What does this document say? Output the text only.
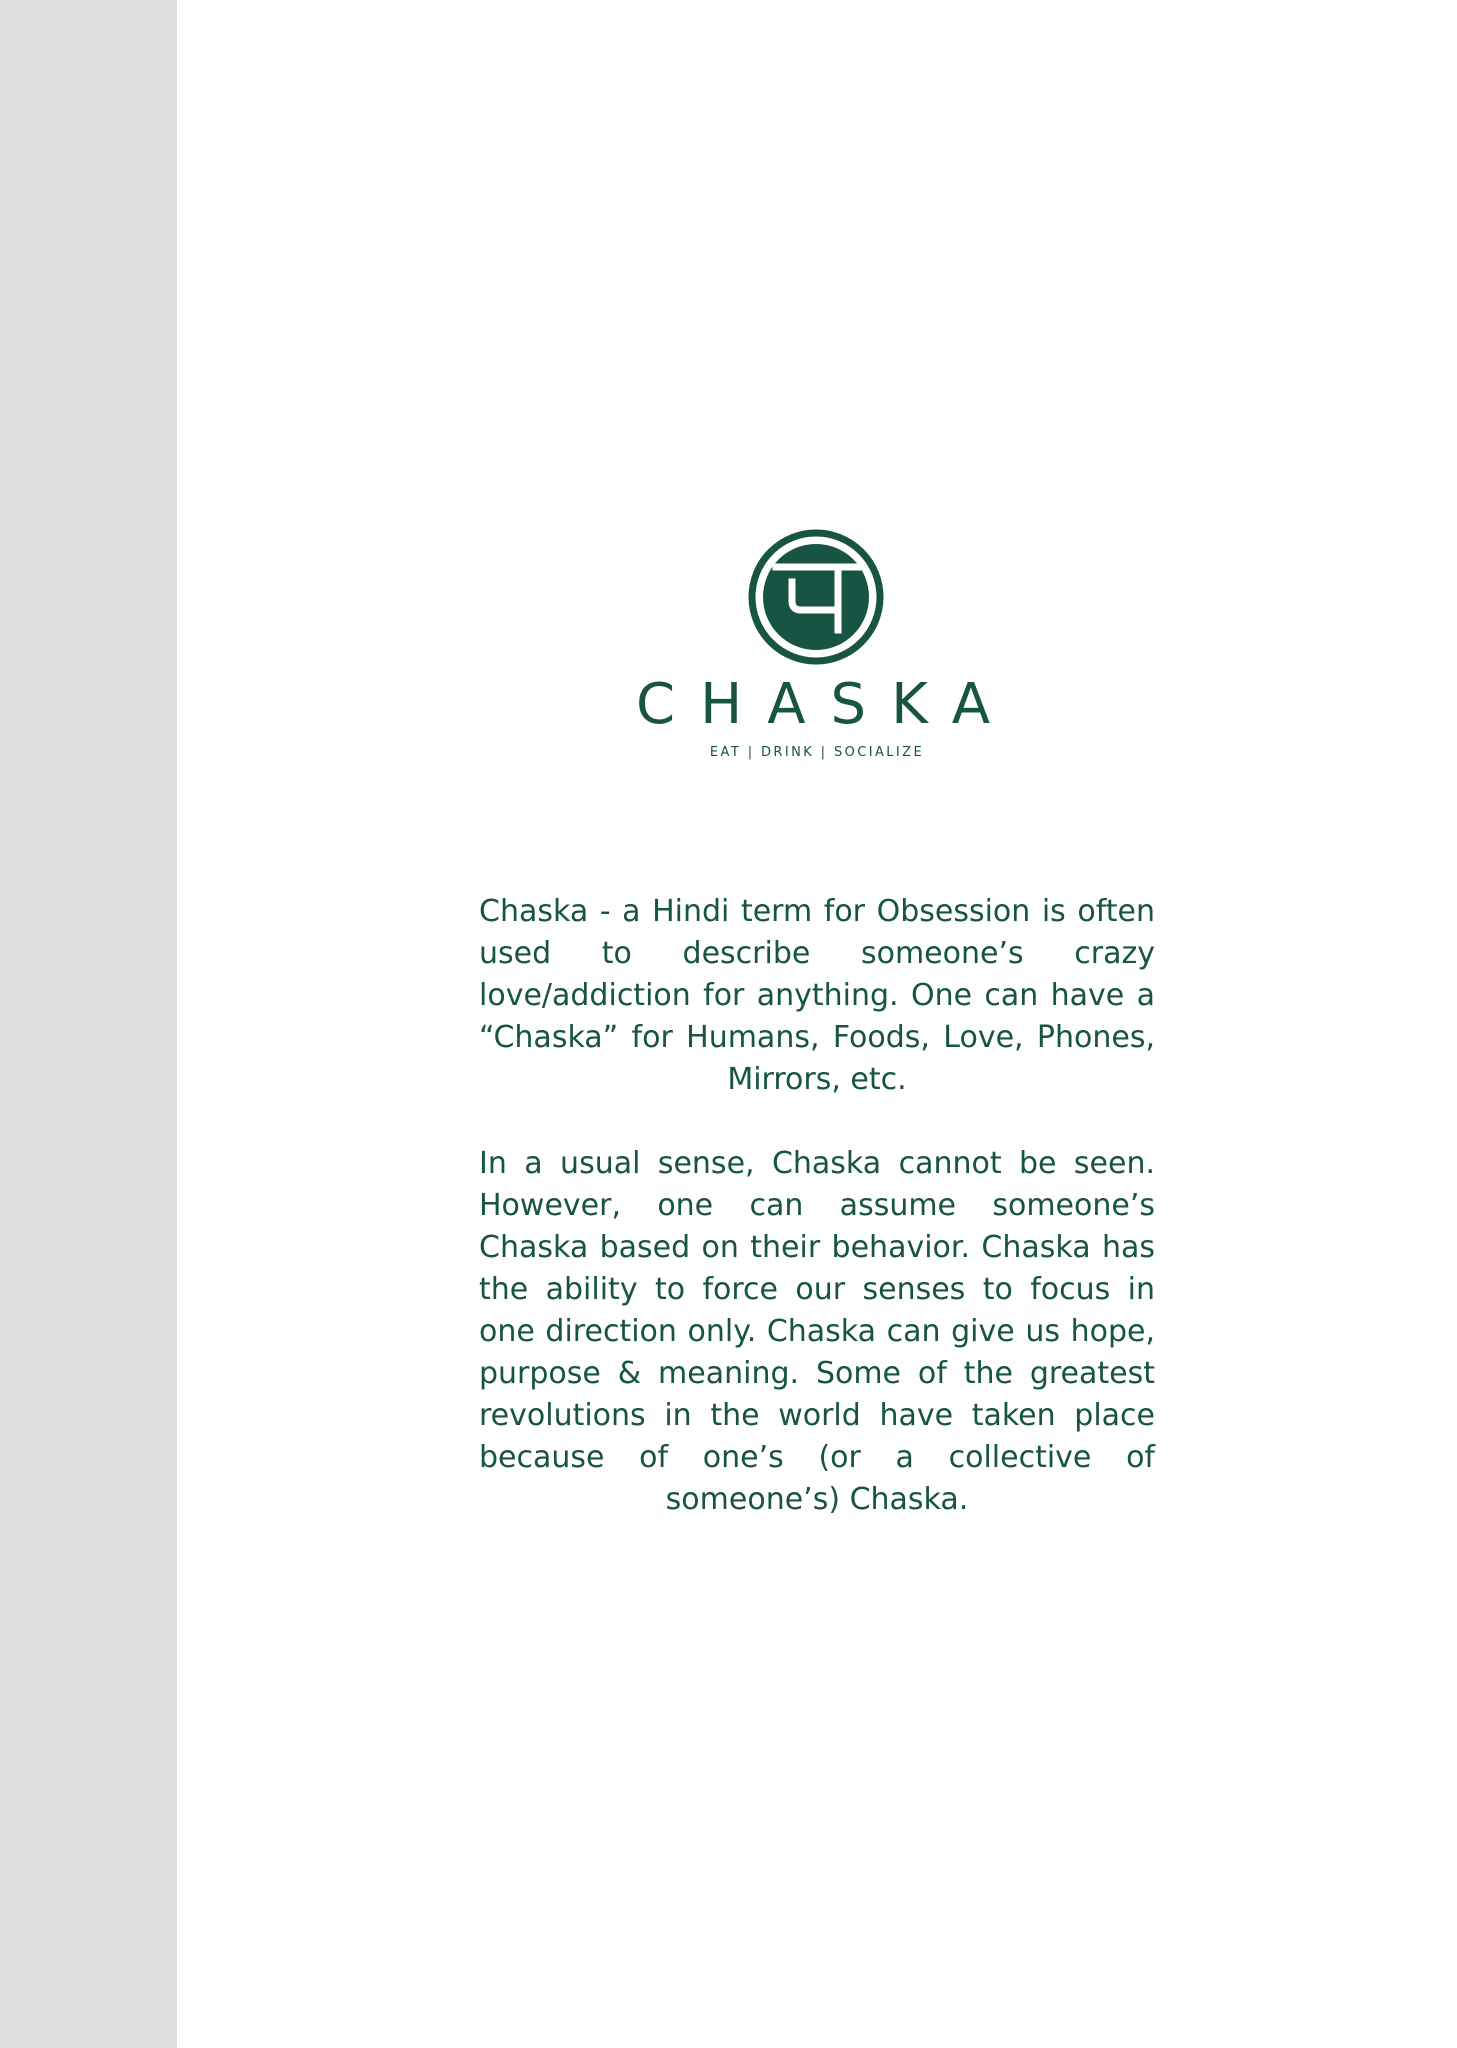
CHASKA
EAT | DRINK | SOCIALIZE

Chaska - a Hindi term for Obsession is often used to describe someone’s crazy love/addiction for anything. One can have a “Chaska” for Humans, Foods, Love, Phones, Mirrors, etc.

In a usual sense, Chaska cannot be seen. However, one can assume someone’s Chaska based on their behavior. Chaska has the ability to force our senses to focus in one direction only. Chaska can give us hope, purpose & meaning. Some of the greatest revolutions in the world have taken place because of one’s (or a collective of someone’s) Chaska.
